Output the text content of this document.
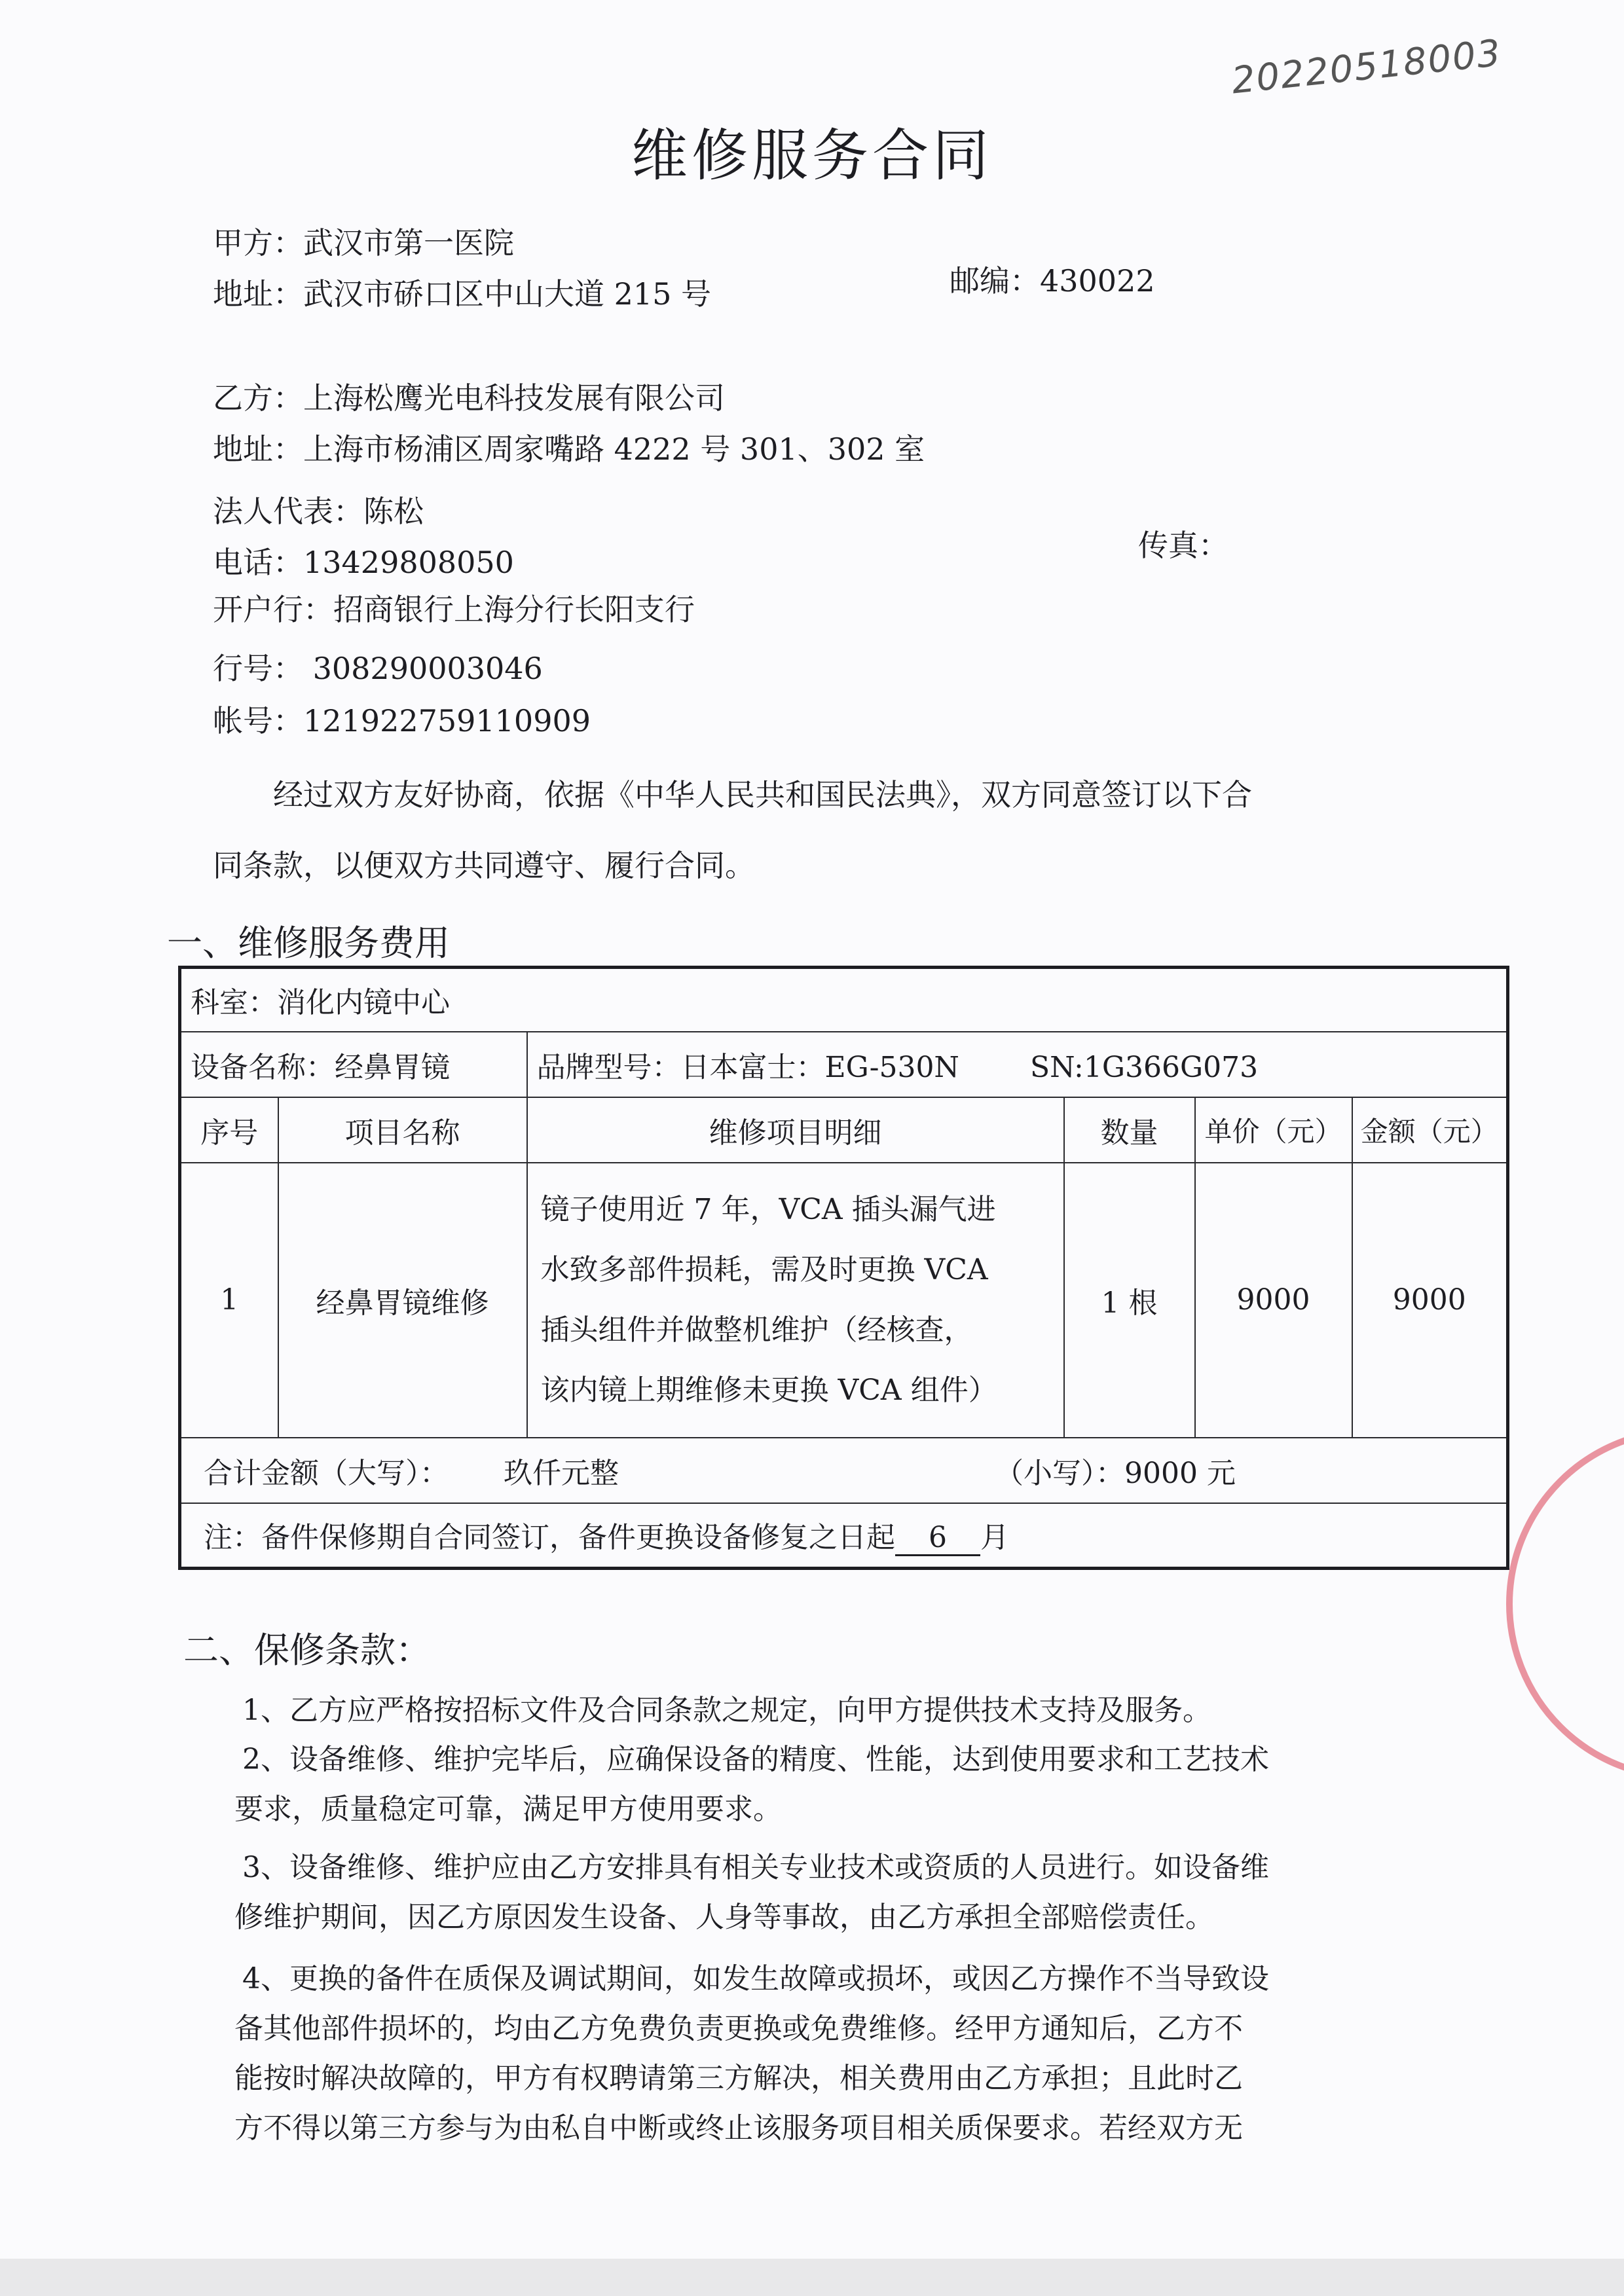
20220518003
维修服务合同
甲方：武汉市第一医院
地址：武汉市硚口区中山大道 215 号	邮编：430022
乙方：上海松鹰光电科技发展有限公司
地址：上海市杨浦区周家嘴路 4222 号 301、302 室
法人代表：陈松
电话：13429808050	传真：
开户行：招商银行上海分行长阳支行
行号： 308290003046
帐号：121922759110909
经过双方友好协商，依据《中华人民共和国民法典》，双方同意签订以下合
同条款，以便双方共同遵守、履行合同。
一、维修服务费用
科室：消化内镜中心					
设备名称：经鼻胃镜		品牌型号：日本富士：EG-530N SN:1G366G073			
序号	项目名称	维修项目明细	数量	单价（元）	金额（元）
1	经鼻胃镜维修	镜子使用近 7 年，VCA 插头漏气进
水致多部件损耗，需及时更换 VCA
插头组件并做整机维护（经核查，
该内镜上期维修未更换 VCA 组件）	1 根	9000	9000
合计金额（大写）： 玖仟元整 （小写）：9000 元					
注：备件保修期自合同签订，备件更换设备修复之日起 6 月					
二、保修条款：
1、乙方应严格按招标文件及合同条款之规定，向甲方提供技术支持及服务。
2、设备维修、维护完毕后，应确保设备的精度、性能，达到使用要求和工艺技术
要求，质量稳定可靠，满足甲方使用要求。
3、设备维修、维护应由乙方安排具有相关专业技术或资质的人员进行。如设备维
修维护期间，因乙方原因发生设备、人身等事故，由乙方承担全部赔偿责任。
4、更换的备件在质保及调试期间，如发生故障或损坏，或因乙方操作不当导致设
备其他部件损坏的，均由乙方免费负责更换或免费维修。经甲方通知后，乙方不
能按时解决故障的，甲方有权聘请第三方解决，相关费用由乙方承担；且此时乙
方不得以第三方参与为由私自中断或终止该服务项目相关质保要求。若经双方无
